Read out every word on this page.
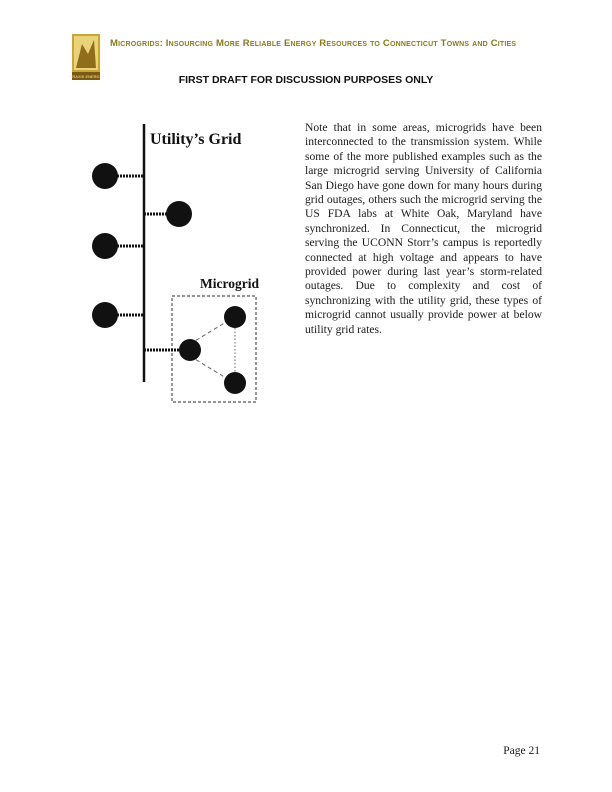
PRAXIS ENERGY
Microgrids: Insourcing More Reliable Energy Resources to Connecticut Towns and Cities
FIRST DRAFT FOR DISCUSSION PURPOSES ONLY
Utility’s Grid
Microgrid
Note that in some areas, microgrids have been interconnected to the transmission system. While some of the more published examples such as the large microgrid serving University of California San Diego have gone down for many hours during grid outages, others such the microgrid serving the US FDA labs at White Oak, Maryland have synchronized. In Connecticut, the microgrid serving the UCONN Storr’s campus is reportedly connected at high voltage and appears to have provided power during last year’s storm-related outages. Due to complexity and cost of synchronizing with the utility grid, these types of microgrid cannot usually provide power at below utility grid rates.
Page 21
